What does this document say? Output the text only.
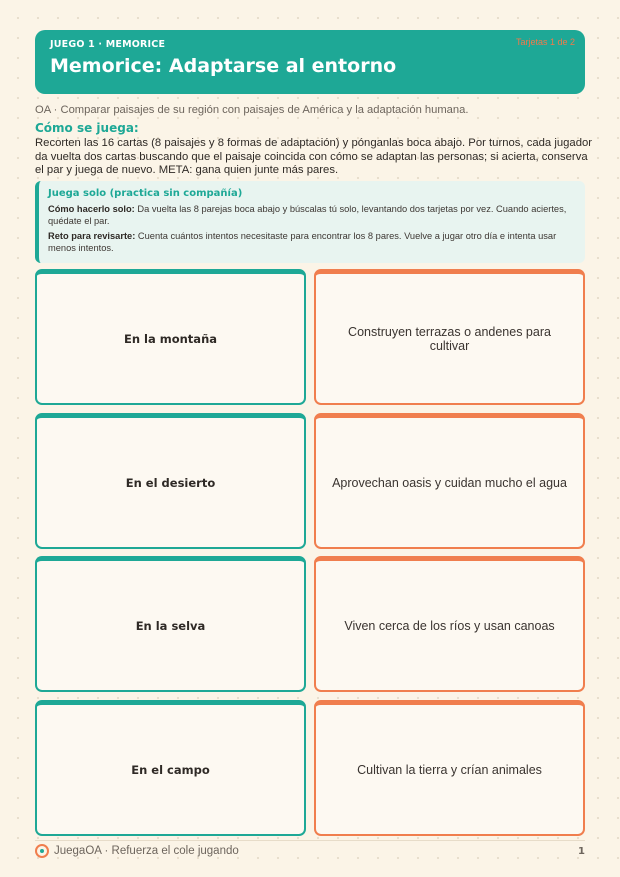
JUEGO 1 · MEMORICE
Memorice: Adaptarse al entorno
Tarjetas 1 de 2
OA · Comparar paisajes de su región con paisajes de América y la adaptación humana.
Cómo se juega:
Recorten las 16 cartas (8 paisajes y 8 formas de adaptación) y pónganlas boca abajo. Por turnos, cada jugador da vuelta dos cartas buscando que el paisaje coincida con cómo se adaptan las personas; si acierta, conserva el par y juega de nuevo. META: gana quien junte más pares.
Juega solo (practica sin compañía)
Cómo hacerlo solo: Da vuelta las 8 parejas boca abajo y búscalas tú solo, levantando dos tarjetas por vez. Cuando aciertes, quédate el par.
Reto para revisarte: Cuenta cuántos intentos necesitaste para encontrar los 8 pares. Vuelve a jugar otro día e intenta usar menos intentos.
En la montaña	Construyen terrazas o andenes para cultivar
En el desierto	Aprovechan oasis y cuidan mucho el agua
En la selva	Viven cerca de los ríos y usan canoas
En el campo	Cultivan la tierra y crían animales
JuegaOA · Refuerza el cole jugando	1
